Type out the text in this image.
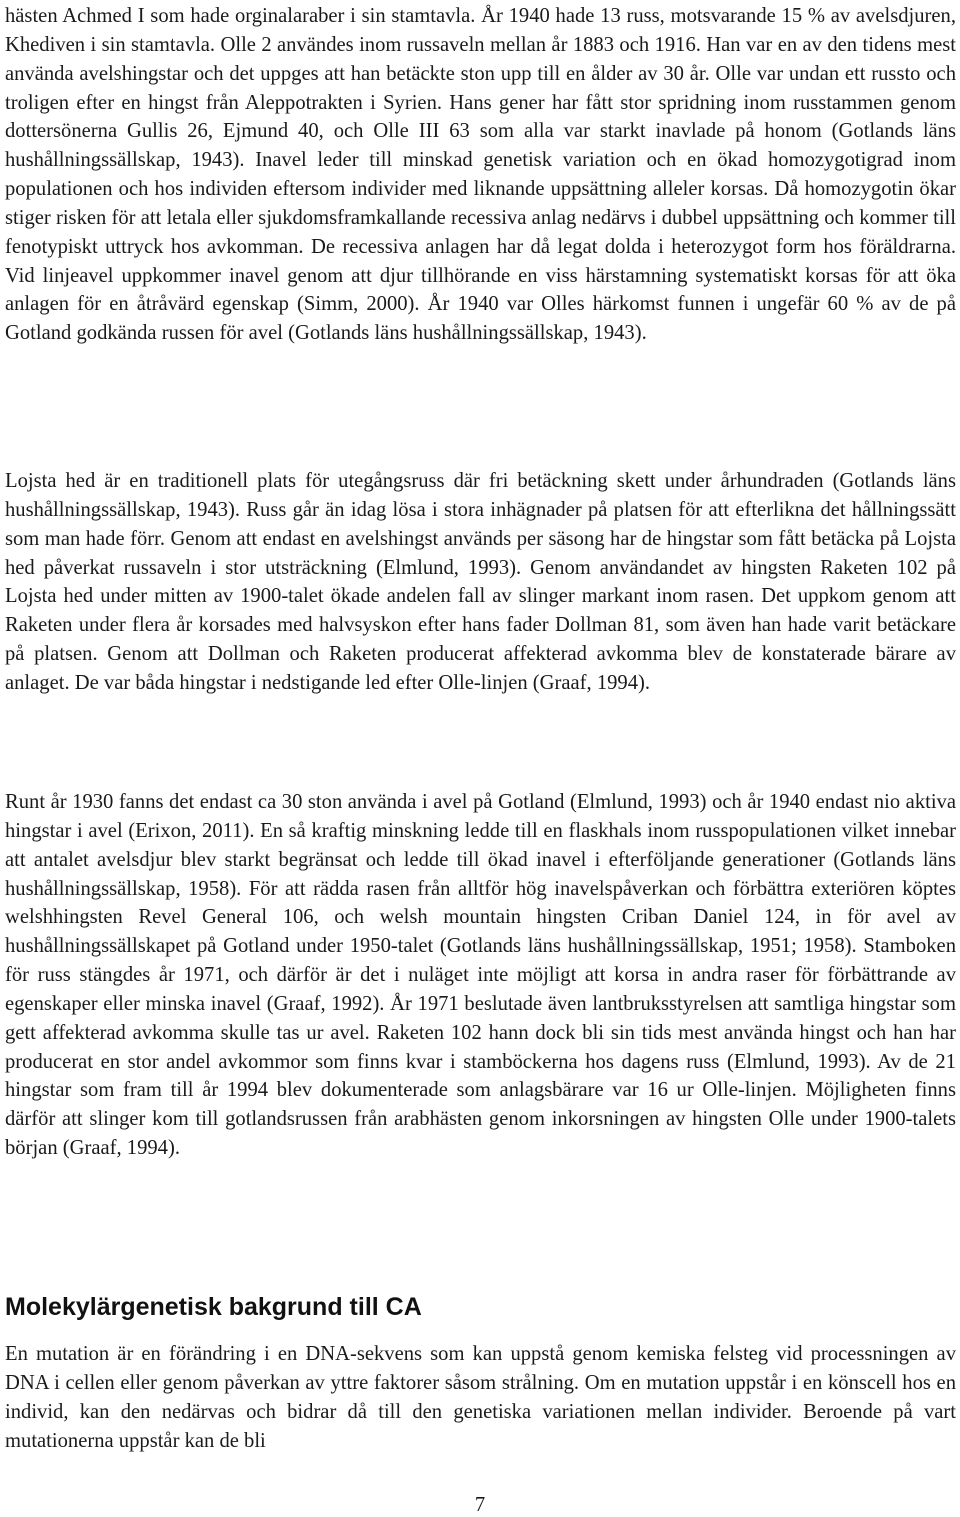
hästen Achmed I som hade orginalaraber i sin stamtavla. År 1940 hade 13 russ, motsvarande 15 % av avelsdjuren, Khediven i sin stamtavla. Olle 2 användes inom russaveln mellan år 1883 och 1916. Han var en av den tidens mest använda avelshingstar och det uppges att han betäckte ston upp till en ålder av 30 år. Olle var undan ett russto och troligen efter en hingst från Aleppotrakten i Syrien. Hans gener har fått stor spridning inom russtammen genom dottersönerna Gullis 26, Ejmund 40, och Olle III 63 som alla var starkt inavlade på honom (Gotlands läns hushållningssällskap, 1943). Inavel leder till minskad genetisk variation och en ökad homozygotigrad inom populationen och hos individen eftersom individer med liknande uppsättning alleler korsas. Då homozygotin ökar stiger risken för att letala eller sjukdomsframkallande recessiva anlag nedärvs i dubbel uppsättning och kommer till fenotypiskt uttryck hos avkomman. De recessiva anlagen har då legat dolda i heterozygot form hos föräldrarna. Vid linjeavel uppkommer inavel genom att djur tillhörande en viss härstamning systematiskt korsas för att öka anlagen för en åtråvärd egenskap (Simm, 2000). År 1940 var Olles härkomst funnen i ungefär 60 % av de på Gotland godkända russen för avel (Gotlands läns hushållningssällskap, 1943).

Lojsta hed är en traditionell plats för utegångsruss där fri betäckning skett under århundraden (Gotlands läns hushållningssällskap, 1943). Russ går än idag lösa i stora inhägnader på platsen för att efterlikna det hållningssätt som man hade förr. Genom att endast en avelshingst används per säsong har de hingstar som fått betäcka på Lojsta hed påverkat russaveln i stor utsträckning (Elmlund, 1993). Genom användandet av hingsten Raketen 102 på Lojsta hed under mitten av 1900-talet ökade andelen fall av slinger markant inom rasen. Det uppkom genom att Raketen under flera år korsades med halvsyskon efter hans fader Dollman 81, som även han hade varit betäckare på platsen. Genom att Dollman och Raketen producerat affekterad avkomma blev de konstaterade bärare av anlaget. De var båda hingstar i nedstigande led efter Olle-linjen (Graaf, 1994).

Runt år 1930 fanns det endast ca 30 ston använda i avel på Gotland (Elmlund, 1993) och år 1940 endast nio aktiva hingstar i avel (Erixon, 2011). En så kraftig minskning ledde till en flaskhals inom russpopulationen vilket innebar att antalet avelsdjur blev starkt begränsat och ledde till ökad inavel i efterföljande generationer (Gotlands läns hushållningssällskap, 1958). För att rädda rasen från alltför hög inavelspåverkan och förbättra exteriören köptes welshhingsten Revel General 106, och welsh mountain hingsten Criban Daniel 124, in för avel av hushållningssällskapet på Gotland under 1950-talet (Gotlands läns hushållningssällskap, 1951; 1958). Stamboken för russ stängdes år 1971, och därför är det i nuläget inte möjligt att korsa in andra raser för förbättrande av egenskaper eller minska inavel (Graaf, 1992). År 1971 beslutade även lantbruksstyrelsen att samtliga hingstar som gett affekterad avkomma skulle tas ur avel. Raketen 102 hann dock bli sin tids mest använda hingst och han har producerat en stor andel avkommor som finns kvar i stamböckerna hos dagens russ (Elmlund, 1993). Av de 21 hingstar som fram till år 1994 blev dokumenterade som anlagsbärare var 16 ur Olle-linjen. Möjligheten finns därför att slinger kom till gotlandsrussen från arabhästen genom inkorsningen av hingsten Olle under 1900-talets början (Graaf, 1994).

Molekylärgenetisk bakgrund till CA

En mutation är en förändring i en DNA-sekvens som kan uppstå genom kemiska felsteg vid processningen av DNA i cellen eller genom påverkan av yttre faktorer såsom strålning. Om en mutation uppstår i en könscell hos en individ, kan den nedärvas och bidrar då till den genetiska variationen mellan individer. Beroende på vart mutationerna uppstår kan de bli

7
